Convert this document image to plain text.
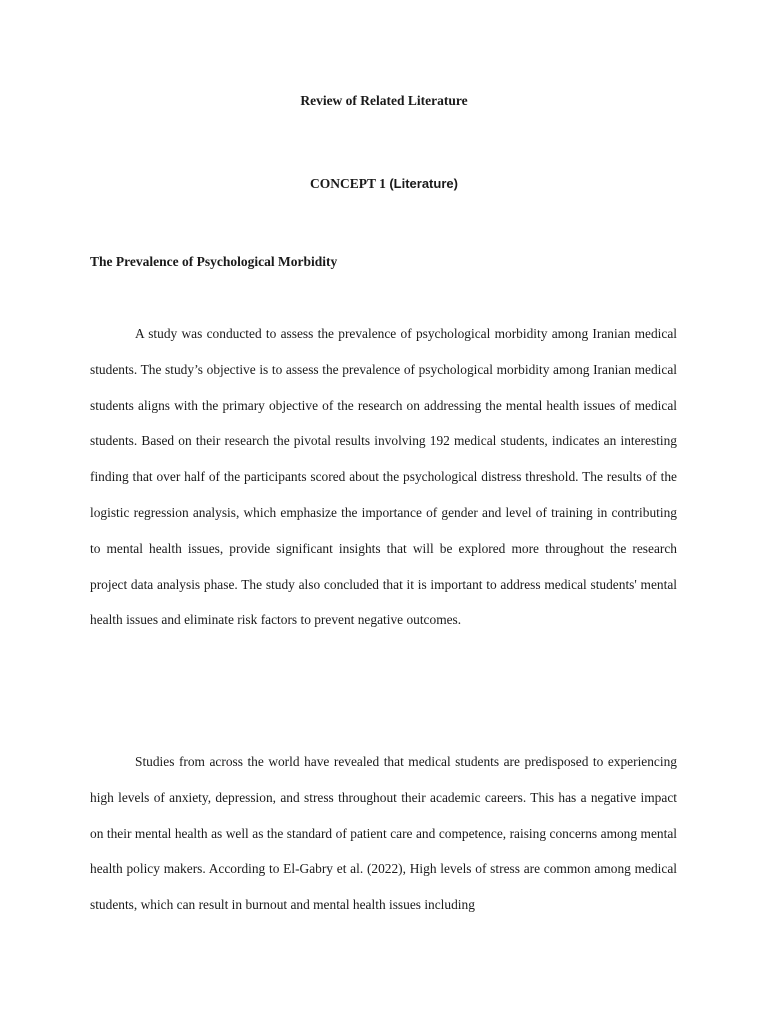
Review of Related Literature
CONCEPT 1 (Literature)
The Prevalence of Psychological Morbidity

A study was conducted to assess the prevalence of psychological morbidity among Iranian medical students. The study’s objective is to assess the prevalence of psychological morbidity among Iranian medical students aligns with the primary objective of the research on addressing the mental health issues of medical students. Based on their research the pivotal results involving 192 medical students, indicates an interesting finding that over half of the participants scored about the psychological distress threshold. The results of the logistic regression analysis, which emphasize the importance of gender and level of training in contributing to mental health issues, provide significant insights that will be explored more throughout the research project data analysis phase. The study also concluded that it is important to address medical students' mental health issues and eliminate risk factors to prevent negative outcomes.

Studies from across the world have revealed that medical students are predisposed to experiencing high levels of anxiety, depression, and stress throughout their academic careers. This has a negative impact on their mental health as well as the standard of patient care and competence, raising concerns among mental health policy makers. According to El-Gabry et al. (2022), High levels of stress are common among medical students, which can result in burnout and mental health issues including
